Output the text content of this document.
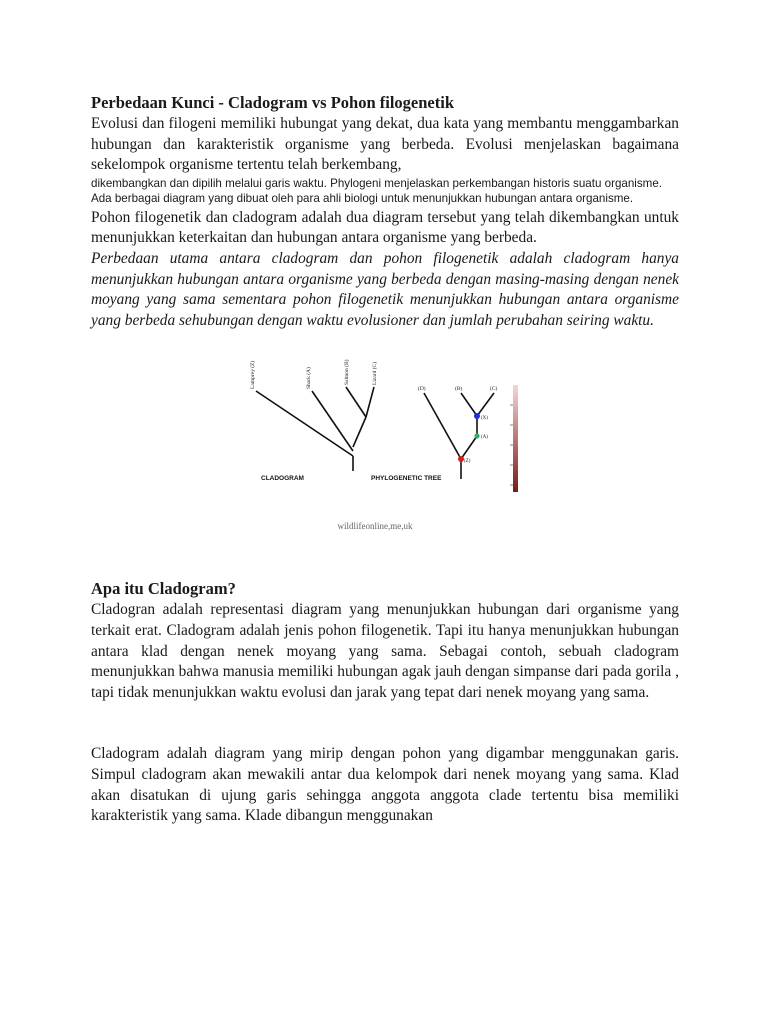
Perbedaan Kunci - Cladogram vs Pohon filogenetik

Evolusi dan filogeni memiliki hubungat yang dekat, dua kata yang membantu menggambarkan hubungan dan karakteristik organisme yang berbeda. Evolusi menjelaskan bagaimana sekelompok organisme tertentu telah berkembang,

dikembangkan dan dipilih melalui garis waktu. Phylogeni menjelaskan perkembangan historis suatu organisme. Ada berbagai diagram yang dibuat oleh para ahli biologi untuk menunjukkan hubungan antara organisme.

Pohon filogenetik dan cladogram adalah dua diagram tersebut yang telah dikembangkan untuk menunjukkan keterkaitan dan hubungan antara organisme yang berbeda.

Perbedaan utama antara cladogram dan pohon filogenetik adalah cladogram hanya menunjukkan hubungan antara organisme yang berbeda dengan masing-masing dengan nenek moyang yang sama sementara pohon filogenetik menunjukkan hubungan antara organisme yang berbeda sehubungan dengan waktu evolusioner dan jumlah perubahan seiring waktu.

Lamprey (Z)	Shark (A)	Salmon (B)	Lizard (C)
CLADOGRAM
(D)	(B)	(C)
(X)
(A)
(Z)
PHYLOGENETIC TREE
wildlifeonline,me,uk
Apa itu Cladogram?

Cladogran adalah representasi diagram yang menunjukkan hubungan dari organisme yang terkait erat. Cladogram adalah jenis pohon filogenetik. Tapi itu hanya menunjukkan hubungan antara klad dengan nenek moyang yang sama. Sebagai contoh, sebuah cladogram menunjukkan bahwa manusia memiliki hubungan agak jauh dengan simpanse dari pada gorila , tapi tidak menunjukkan waktu evolusi dan jarak yang tepat dari nenek moyang yang sama.

Cladogram adalah diagram yang mirip dengan pohon yang digambar menggunakan garis. Simpul cladogram akan mewakili antar dua kelompok dari nenek moyang yang sama. Klad akan disatukan di ujung garis sehingga anggota anggota clade tertentu bisa memiliki karakteristik yang sama. Klade dibangun menggunakan
